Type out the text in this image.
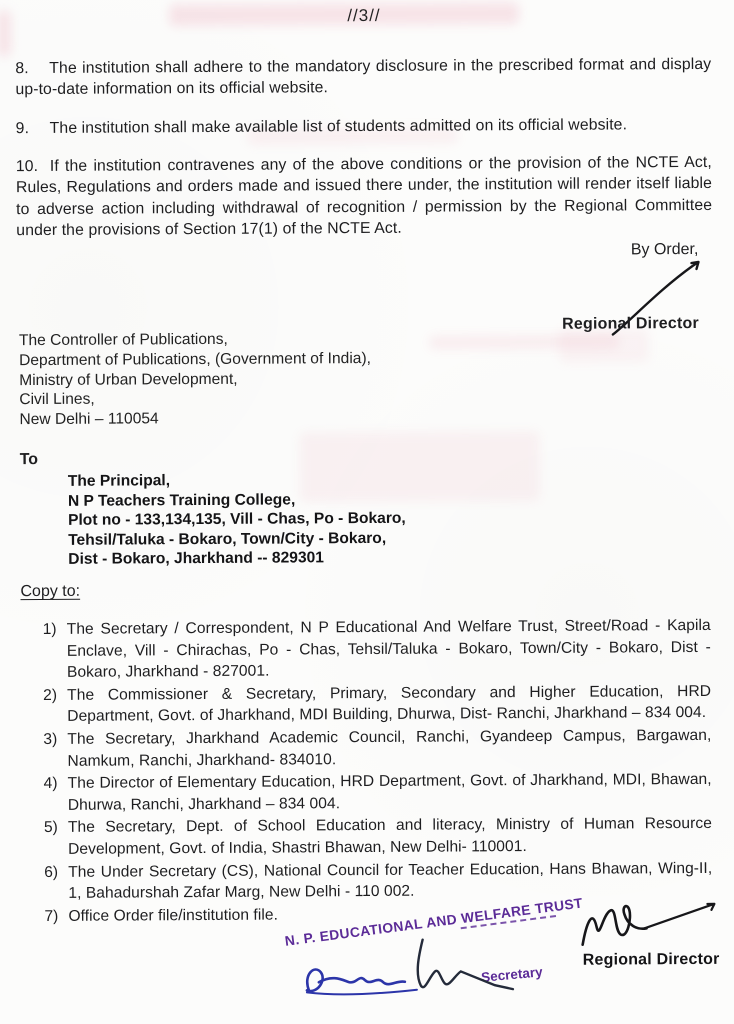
//3//

8. The institution shall adhere to the mandatory disclosure in the prescribed format and display up-to-date information on its official website.

9. The institution shall make available list of students admitted on its official website.

10. If the institution contravenes any of the above conditions or the provision of the NCTE Act, Rules, Regulations and orders made and issued there under, the institution will render itself liable to adverse action including withdrawal of recognition / permission by the Regional Committee under the provisions of Section 17(1) of the NCTE Act.

By Order,
Regional Director
The Controller of Publications,
Department of Publications, (Government of India),
Ministry of Urban Development,
Civil Lines,
New Delhi – 110054
To
The Principal,
N P Teachers Training College,
Plot no - 133,134,135, Vill - Chas, Po - Bokaro,
Tehsil/Taluka - Bokaro, Town/City - Bokaro,
Dist - Bokaro, Jharkhand -- 829301
Copy to:
1) The Secretary / Correspondent, N P Educational And Welfare Trust, Street/Road - Kapila Enclave, Vill - Chirachas, Po - Chas, Tehsil/Taluka - Bokaro, Town/City - Bokaro, Dist - Bokaro, Jharkhand - 827001.
2) The Commissioner & Secretary, Primary, Secondary and Higher Education, HRD Department, Govt. of Jharkhand, MDI Building, Dhurwa, Dist- Ranchi, Jharkhand – 834 004.
3) The Secretary, Jharkhand Academic Council, Ranchi, Gyandeep Campus, Bargawan, Namkum, Ranchi, Jharkhand- 834010.
4) The Director of Elementary Education, HRD Department, Govt. of Jharkhand, MDI, Bhawan, Dhurwa, Ranchi, Jharkhand – 834 004.
5) The Secretary, Dept. of School Education and literacy, Ministry of Human Resource Development, Govt. of India, Shastri Bhawan, New Delhi- 110001.
6) The Under Secretary (CS), National Council for Teacher Education, Hans Bhawan, Wing-II, 1, Bahadurshah Zafar Marg, New Delhi - 110 002.
7) Office Order file/institution file. N. P. EDUCATIONAL AND WELFARE TRUST
Secretary
Regional Director
